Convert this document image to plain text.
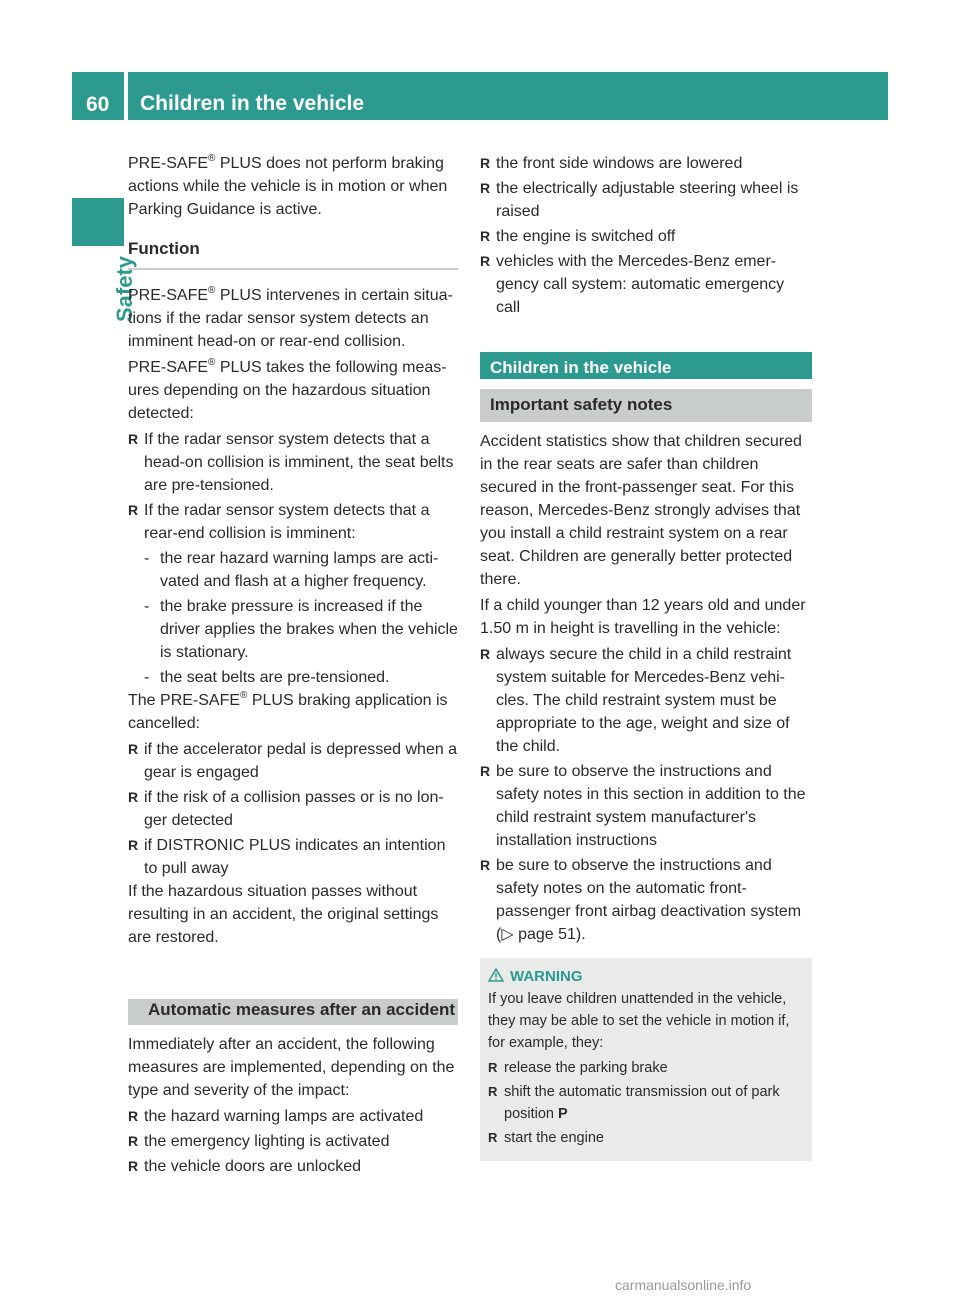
60	Children in the vehicle
Safety

PRE-SAFE® PLUS does not perform braking actions while the vehicle is in motion or when Parking Guidance is active.

Function

PRE-SAFE® PLUS intervenes in certain situations if the radar sensor system detects an imminent head-on or rear-end collision.

PRE-SAFE® PLUS takes the following measures depending on the hazardous situation detected:

R If the radar sensor system detects that a head-on collision is imminent, the seat belts are pre-tensioned.
R If the radar sensor system detects that a rear-end collision is imminent:
- the rear hazard warning lamps are activated and flash at a higher frequency.
- the brake pressure is increased if the driver applies the brakes when the vehicle is stationary.
- the seat belts are pre-tensioned.

The PRE-SAFE® PLUS braking application is cancelled:

R if the accelerator pedal is depressed when a gear is engaged
R if the risk of a collision passes or is no longer detected
R if DISTRONIC PLUS indicates an intention to pull away

If the hazardous situation passes without resulting in an accident, the original settings are restored.

Automatic measures after an accident

Immediately after an accident, the following measures are implemented, depending on the type and severity of the impact:

R the hazard warning lamps are activated
R the emergency lighting is activated
R the vehicle doors are unlocked
R the front side windows are lowered
R the electrically adjustable steering wheel is raised
R the engine is switched off
R vehicles with the Mercedes-Benz emergency call system: automatic emergency call
Children in the vehicle
Important safety notes

Accident statistics show that children secured in the rear seats are safer than children secured in the front-passenger seat. For this reason, Mercedes-Benz strongly advises that you install a child restraint system on a rear seat. Children are generally better protected there.

If a child younger than 12 years old and under 1.50 m in height is travelling in the vehicle:

R always secure the child in a child restraint system suitable for Mercedes-Benz vehicles. The child restraint system must be appropriate to the age, weight and size of the child.
R be sure to observe the instructions and safety notes in this section in addition to the child restraint system manufacturer's installation instructions
R be sure to observe the instructions and safety notes on the automatic front-passenger front airbag deactivation system (▷ page 51).
WARNING

If you leave children unattended in the vehicle, they may be able to set the vehicle in motion if, for example, they:

R release the parking brake
R shift the automatic transmission out of park position P
R start the engine
carmanualsonline.info
